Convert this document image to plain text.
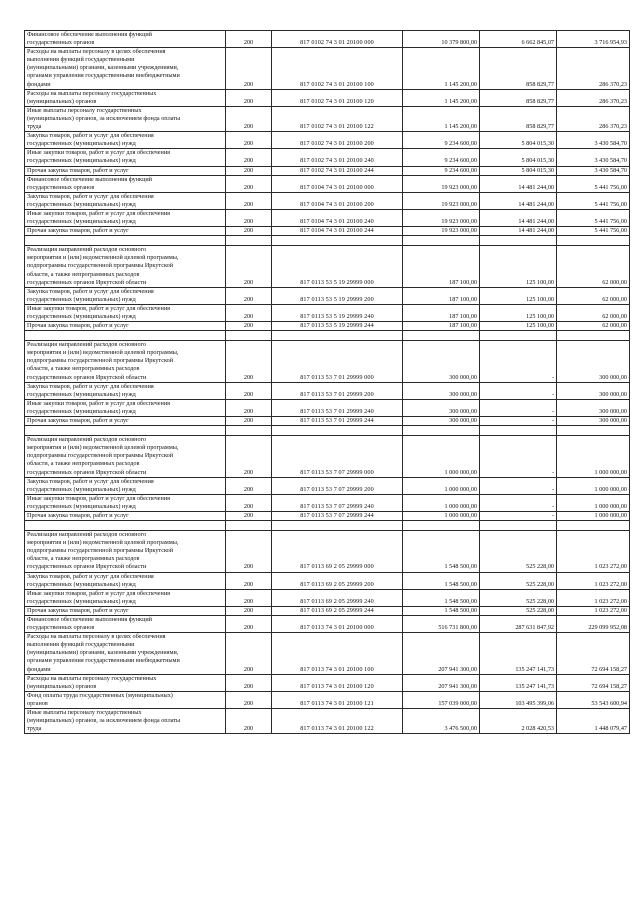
Финансовое обеспечение выполнения функций
государственных органов	200	817 0102 74 3 01 20100 000	10 379 800,00	6 662 845,07	3 716 954,93

Расходы на выплаты персоналу в целях обеспечения
выполнения функций государственными
(муниципальными) органами, казенными учреждениями,
органами управления государственными внебюджетными
фондами	200	817 0102 74 3 01 20100 100	1 145 200,00	858 829,77	286 370,23

Расходы на выплаты персоналу государственных
(муниципальных) органов	200	817 0102 74 3 01 20100 120	1 145 200,00	858 829,77	286 370,23

Иные выплаты персоналу государственных
(муниципальных) органов, за исключением фонда оплаты
труда	200	817 0102 74 3 01 20100 122	1 145 200,00	858 829,77	286 370,23

Закупка товаров, работ и услуг для обеспечения
государственных (муниципальных) нужд	200	817 0102 74 3 01 20100 200	9 234 600,00	5 804 015,30	3 430 584,70

Иные закупки товаров, работ и услуг для обеспечения
государственных (муниципальных) нужд	200	817 0102 74 3 01 20100 240	9 234 600,00	5 804 015,30	3 430 584,70

Прочая закупка товаров, работ и услуг	200	817 0102 74 3 01 20100 244	9 234 600,00	5 804 015,30	3 430 584,70

Финансовое обеспечение выполнения функций
государственных органов	200	817 0104 74 3 01 20100 000	19 923 000,00	14 481 244,00	5 441 756,00

Закупка товаров, работ и услуг для обеспечения
государственных (муниципальных) нужд	200	817 0104 74 3 01 20100 200	19 923 000,00	14 481 244,00	5 441 756,00

Иные закупки товаров, работ и услуг для обеспечения
государственных (муниципальных) нужд	200	817 0104 74 3 01 20100 240	19 923 000,00	14 481 244,00	5 441 756,00

Прочая закупка товаров, работ и услуг	200	817 0104 74 3 01 20100 244	19 923 000,00	14 481 244,00	5 441 756,00

Реализация направлений расходов основного
мероприятия и (или) ведомственной целевой программы,
подпрограммы государственной программы Иркутской
области, а также непрограммных расходов
государственных органов Иркутской области	200	817 0113 53 5 19 29999 000	187 100,00	125 100,00	62 000,00

Закупка товаров, работ и услуг для обеспечения
государственных (муниципальных) нужд	200	817 0113 53 5 19 29999 200	187 100,00	125 100,00	62 000,00

Иные закупки товаров, работ и услуг для обеспечения
государственных (муниципальных) нужд	200	817 0113 53 5 19 29999 240	187 100,00	125 100,00	62 000,00

Прочая закупка товаров, работ и услуг	200	817 0113 53 5 19 29999 244	187 100,00	125 100,00	62 000,00

Реализация направлений расходов основного
мероприятия и (или) ведомственной целевой программы,
подпрограммы государственной программы Иркутской
области, а также непрограммных расходов
государственных органов Иркутской области	200	817 0113 53 7 01 29999 000	300 000,00	-	300 000,00

Закупка товаров, работ и услуг для обеспечения
государственных (муниципальных) нужд	200	817 0113 53 7 01 29999 200	300 000,00	-	300 000,00

Иные закупки товаров, работ и услуг для обеспечения
государственных (муниципальных) нужд	200	817 0113 53 7 01 29999 240	300 000,00	-	300 000,00

Прочая закупка товаров, работ и услуг	200	817 0113 53 7 01 29999 244	300 000,00	-	300 000,00

Реализация направлений расходов основного
мероприятия и (или) ведомственной целевой программы,
подпрограммы государственной программы Иркутской
области, а также непрограммных расходов
государственных органов Иркутской области	200	817 0113 53 7 07 29999 000	1 000 000,00	-	1 000 000,00

Закупка товаров, работ и услуг для обеспечения
государственных (муниципальных) нужд	200	817 0113 53 7 07 29999 200	1 000 000,00	-	1 000 000,00

Иные закупки товаров, работ и услуг для обеспечения
государственных (муниципальных) нужд	200	817 0113 53 7 07 29999 240	1 000 000,00	-	1 000 000,00

Прочая закупка товаров, работ и услуг	200	817 0113 53 7 07 29999 244	1 000 000,00	-	1 000 000,00

Реализация направлений расходов основного
мероприятия и (или) ведомственной целевой программы,
подпрограммы государственной программы Иркутской
области, а также непрограммных расходов
государственных органов Иркутской области	200	817 0113 69 2 05 29999 000	1 548 500,00	525 228,00	1 023 272,00

Закупка товаров, работ и услуг для обеспечения
государственных (муниципальных) нужд	200	817 0113 69 2 05 29999 200	1 548 500,00	525 228,00	1 023 272,00

Иные закупки товаров, работ и услуг для обеспечения
государственных (муниципальных) нужд	200	817 0113 69 2 05 29999 240	1 548 500,00	525 228,00	1 023 272,00

Прочая закупка товаров, работ и услуг	200	817 0113 69 2 05 29999 244	1 548 500,00	525 228,00	1 023 272,00

Финансовое обеспечение выполнения функций
государственных органов	200	817 0113 74 3 01 20100 000	516 731 800,00	287 631 847,92	229 099 952,08

Расходы на выплаты персоналу в целях обеспечения
выполнения функций государственными
(муниципальными) органами, казенными учреждениями,
органами управления государственными внебюджетными
фондами	200	817 0113 74 3 01 20100 100	207 941 300,00	135 247 141,73	72 694 158,27

Расходы на выплаты персоналу государственных
(муниципальных) органов	200	817 0113 74 3 01 20100 120	207 941 300,00	135 247 141,73	72 694 158,27

Фонд оплаты труда государственных (муниципальных)
органов	200	817 0113 74 3 01 20100 121	157 039 000,00	103 495 399,06	53 543 600,94

Иные выплаты персоналу государственных
(муниципальных) органов, за исключением фонда оплаты
труда	200	817 0113 74 3 01 20100 122	3 476 500,00	2 028 420,53	1 448 079,47
